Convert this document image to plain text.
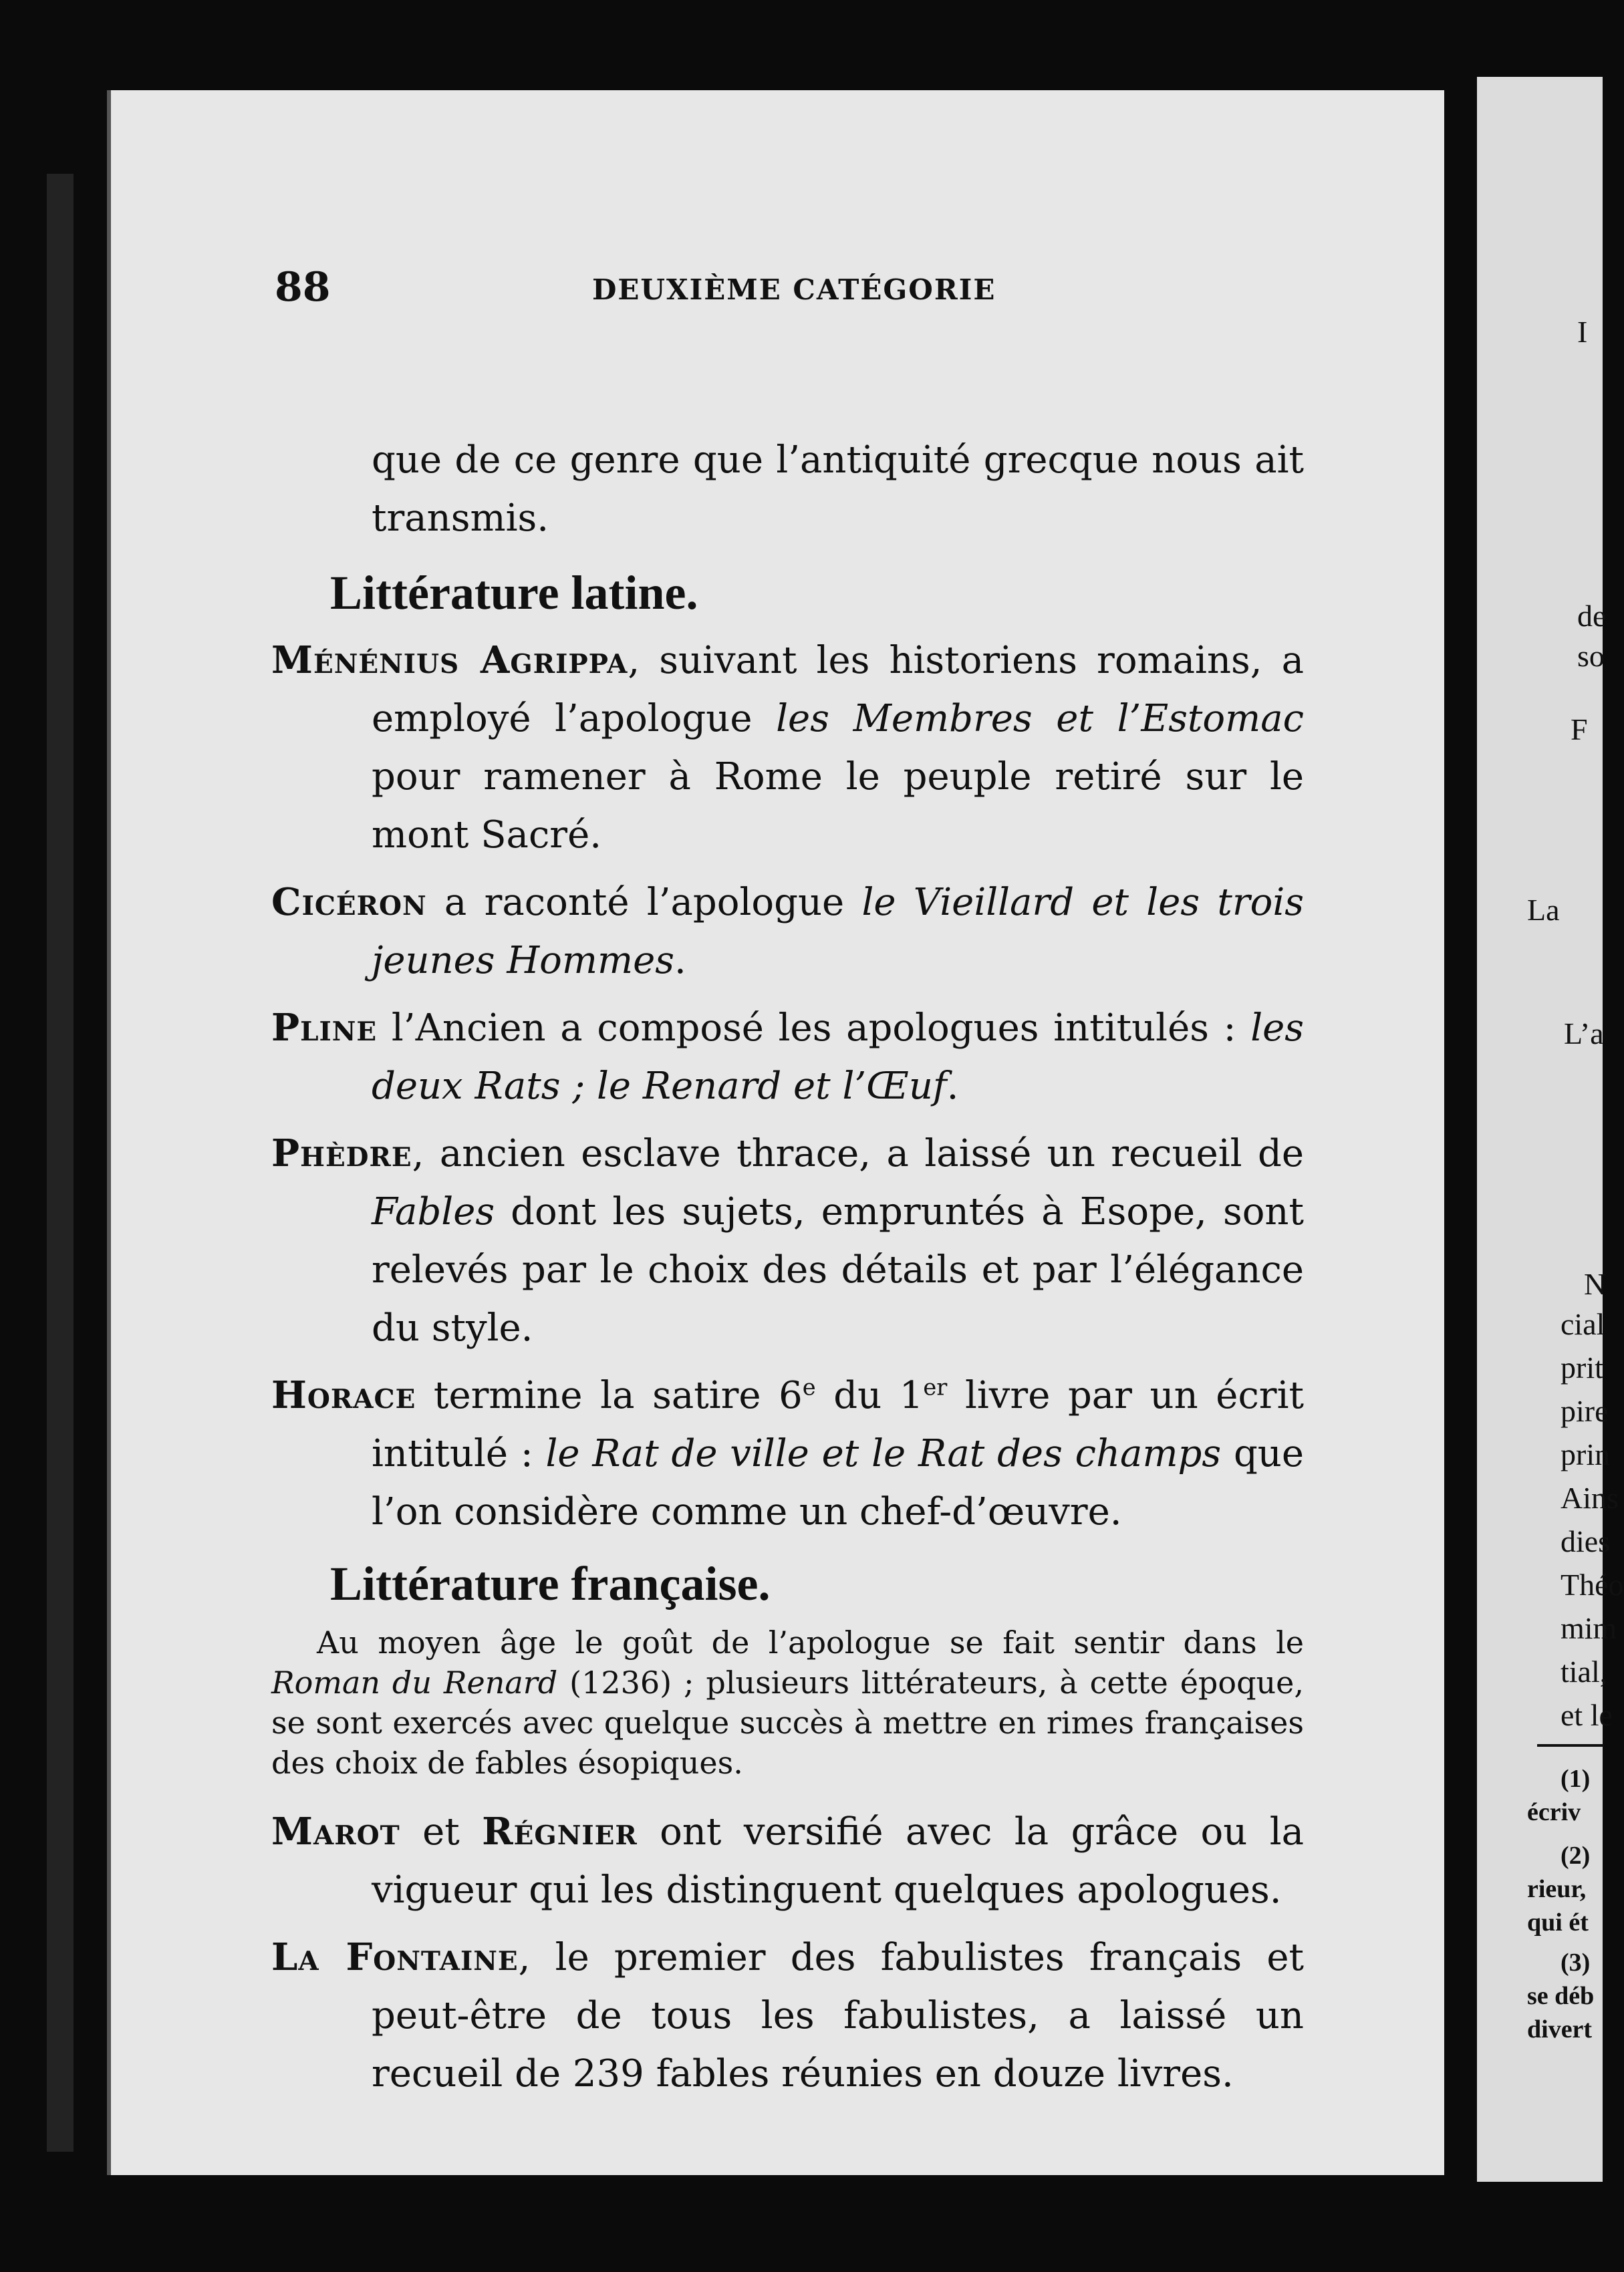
88	DEUXIÈME CATÉGORIE

que de ce genre que l’antiquité grecque nous ait transmis.

Littérature latine.

Ménénius Agrippa, suivant les historiens romains, a employé l’apologue les Membres et l’Estomac pour ramener à Rome le peuple retiré sur le mont Sacré.

Cicéron a raconté l’apologue le Vieillard et les trois jeunes Hommes.

Pline l’Ancien a composé les apologues intitulés : les deux Rats ; le Renard et l’Œuf.

Phèdre, ancien esclave thrace, a laissé un recueil de Fables dont les sujets, empruntés à Esope, sont relevés par le choix des détails et par l’élégance du style.

Horace termine la satire 6e du 1er livre par un écrit intitulé : le Rat de ville et le Rat des champs que l’on considère comme un chef-d’œuvre.

Littérature française.

Au moyen âge le goût de l’apologue se fait sentir dans le Roman du Renard (1236) ; plusieurs littérateurs, à cette époque, se sont exercés avec quelque succès à mettre en rimes françaises des choix de fables ésopiques.

Marot et Régnier ont versifié avec la grâce ou la vigueur qui les distinguent quelques apologues.

La Fontaine, le premier des fabulistes français et peut-être de tous les fabulistes, a laissé un recueil de 239 fables réunies en douze livres.

I
de
so
F
La
L’a
N
cial
prit
pire
prin
Ains
dies
Théo
mim
tial,
et le
(1)
écriv
(2)
rieur,
qui ét
(3)
se déb
divert
